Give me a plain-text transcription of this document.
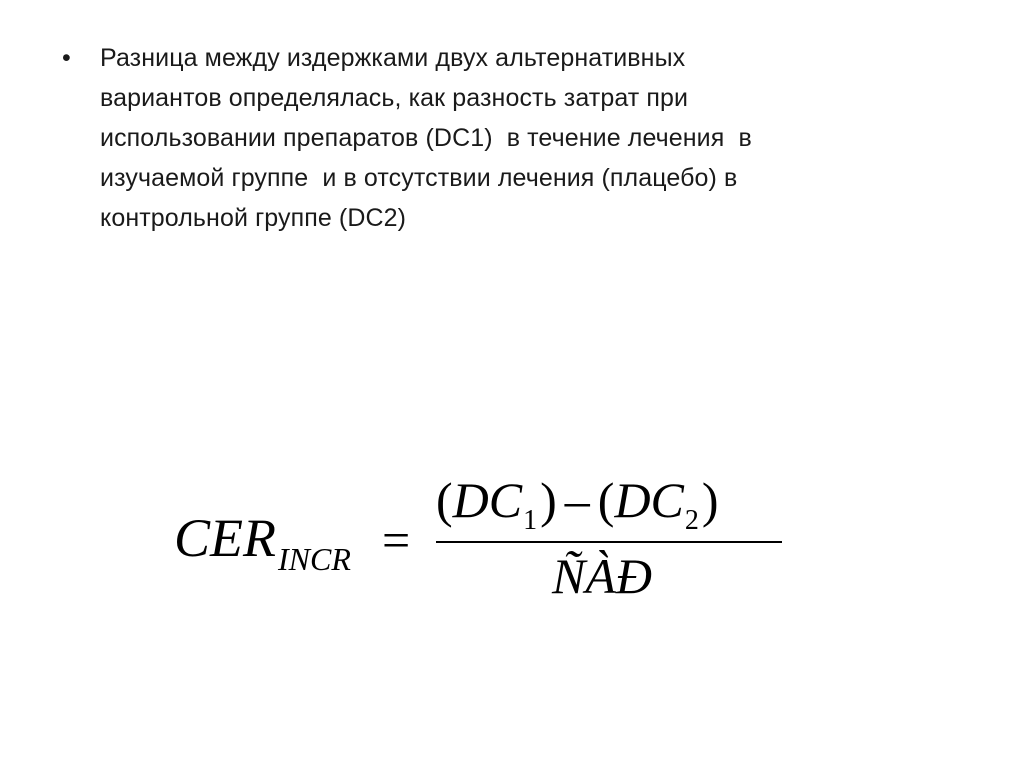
• Разница между издержками двух альтернативных
вариантов определялась, как разность затрат при
использовании препаратов (DC1)  в течение лечения  в
изучаемой группе  и в отсутствии лечения (плацебо) в
контрольной группе (DC2)
$CER_{INCR}$ =
$(DC_1) - (DC_2)$
ÑÀÐ
